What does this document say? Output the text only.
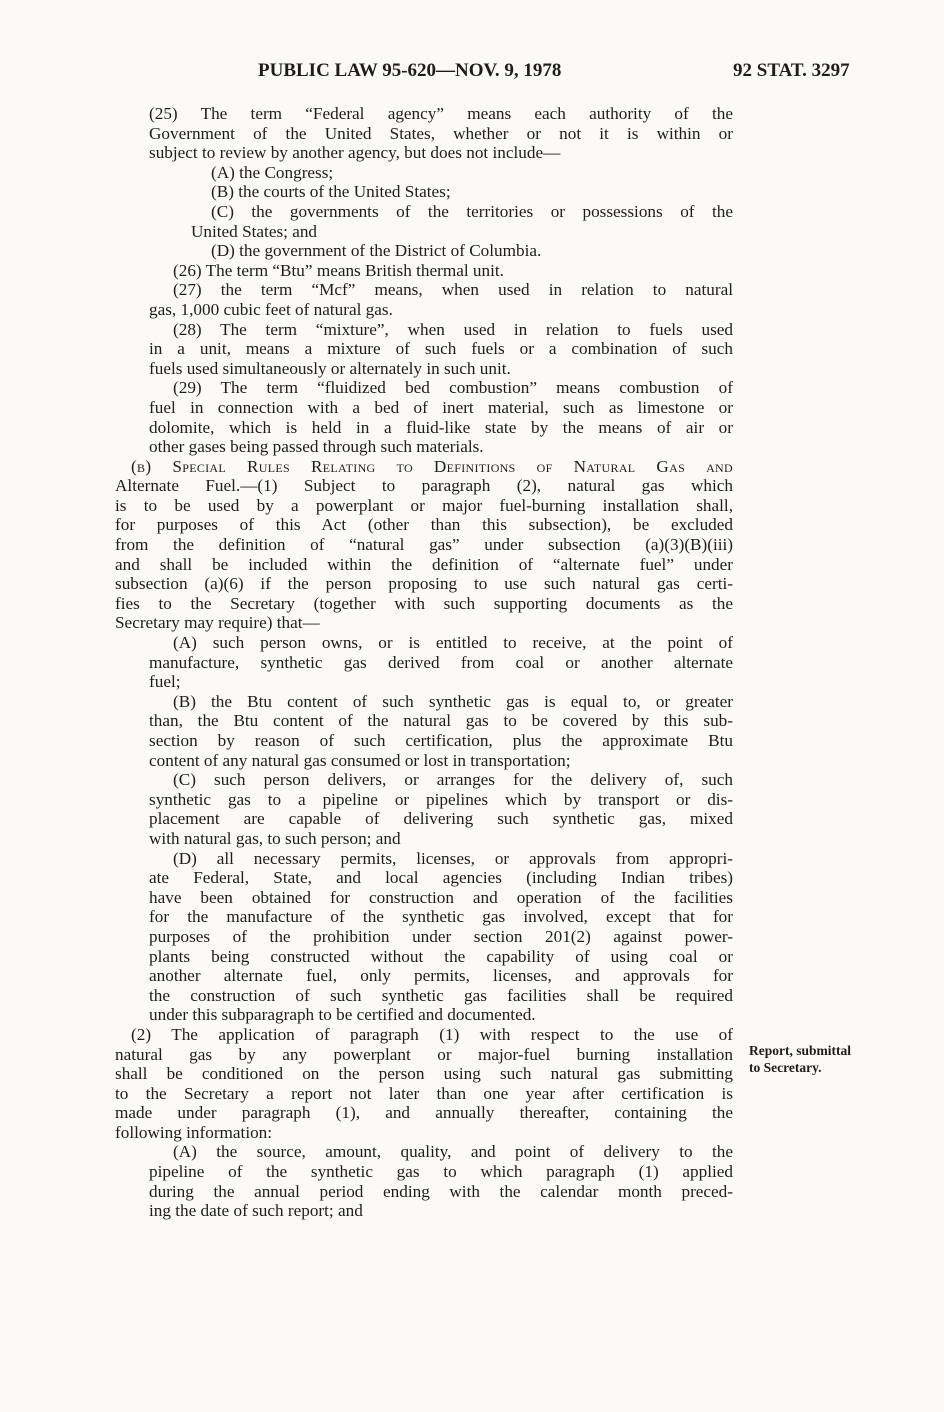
PUBLIC LAW 95-620—NOV. 9, 1978	92 STAT. 3297
(25) The term “Federal agency” means each authority of the
Government of the United States, whether or not it is within or
subject to review by another agency, but does not include—
(A) the Congress;
(B) the courts of the United States;
(C) the governments of the territories or possessions of the
United States; and
(D) the government of the District of Columbia.
(26) The term “Btu” means British thermal unit.
(27) the term “Mcf” means, when used in relation to natural
gas, 1,000 cubic feet of natural gas.
(28) The term “mixture”, when used in relation to fuels used
in a unit, means a mixture of such fuels or a combination of such
fuels used simultaneously or alternately in such unit.
(29) The term “fluidized bed combustion” means combustion of
fuel in connection with a bed of inert material, such as limestone or
dolomite, which is held in a fluid-like state by the means of air or
other gases being passed through such materials.
(b) Special Rules Relating to Definitions of Natural Gas and
Alternate Fuel.—(1) Subject to paragraph (2), natural gas which
is to be used by a powerplant or major fuel-burning installation shall,
for purposes of this Act (other than this subsection), be excluded
from the definition of “natural gas” under subsection (a)(3)(B)(iii)
and shall be included within the definition of “alternate fuel” under
subsection (a)(6) if the person proposing to use such natural gas certi-
fies to the Secretary (together with such supporting documents as the
Secretary may require) that—
(A) such person owns, or is entitled to receive, at the point of
manufacture, synthetic gas derived from coal or another alternate
fuel;
(B) the Btu content of such synthetic gas is equal to, or greater
than, the Btu content of the natural gas to be covered by this sub-
section by reason of such certification, plus the approximate Btu
content of any natural gas consumed or lost in transportation;
(C) such person delivers, or arranges for the delivery of, such
synthetic gas to a pipeline or pipelines which by transport or dis-
placement are capable of delivering such synthetic gas, mixed
with natural gas, to such person; and
(D) all necessary permits, licenses, or approvals from appropri-
ate Federal, State, and local agencies (including Indian tribes)
have been obtained for construction and operation of the facilities
for the manufacture of the synthetic gas involved, except that for
purposes of the prohibition under section 201(2) against power-
plants being constructed without the capability of using coal or
another alternate fuel, only permits, licenses, and approvals for
the construction of such synthetic gas facilities shall be required
under this subparagraph to be certified and documented.
(2) The application of paragraph (1) with respect to the use of
natural gas by any powerplant or major-fuel burning installation
shall be conditioned on the person using such natural gas submitting
to the Secretary a report not later than one year after certification is
made under paragraph (1), and annually thereafter, containing the
following information:
(A) the source, amount, quality, and point of delivery to the
pipeline of the synthetic gas to which paragraph (1) applied
during the annual period ending with the calendar month preced-
ing the date of such report; and
Report, submittal
to Secretary.
